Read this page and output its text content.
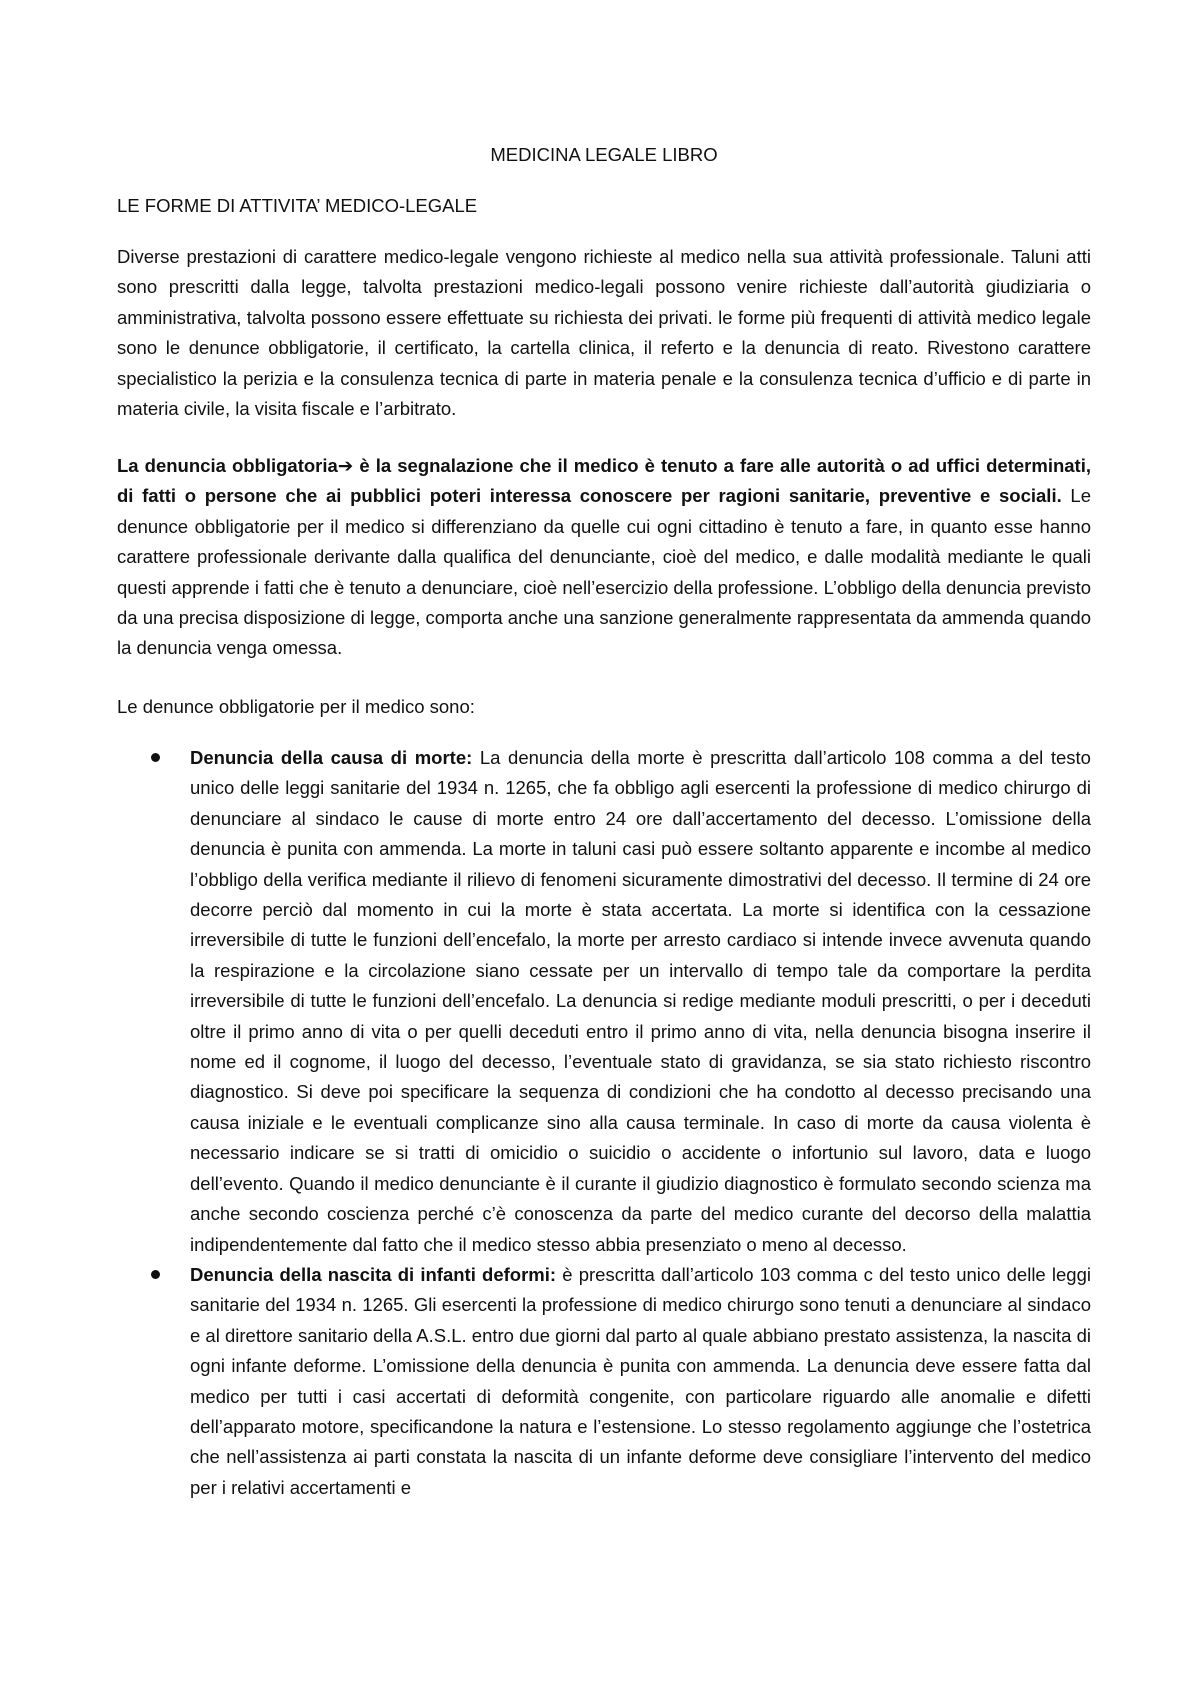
MEDICINA LEGALE LIBRO
LE FORME DI ATTIVITA’ MEDICO-LEGALE

Diverse prestazioni di carattere medico-legale vengono richieste al medico nella sua attività professionale. Taluni atti sono prescritti dalla legge, talvolta prestazioni medico-legali possono venire richieste dall’autorità giudiziaria o amministrativa, talvolta possono essere effettuate su richiesta dei privati. le forme più frequenti di attività medico legale sono le denunce obbligatorie, il certificato, la cartella clinica, il referto e la denuncia di reato. Rivestono carattere specialistico la perizia e la consulenza tecnica di parte in materia penale e la consulenza tecnica d’ufficio e di parte in materia civile, la visita fiscale e l’arbitrato.

La denuncia obbligatoria➔ è la segnalazione che il medico è tenuto a fare alle autorità o ad uffici determinati, di fatti o persone che ai pubblici poteri interessa conoscere per ragioni sanitarie, preventive e sociali. Le denunce obbligatorie per il medico si differenziano da quelle cui ogni cittadino è tenuto a fare, in quanto esse hanno carattere professionale derivante dalla qualifica del denunciante, cioè del medico, e dalle modalità mediante le quali questi apprende i fatti che è tenuto a denunciare, cioè nell’esercizio della professione. L’obbligo della denuncia previsto da una precisa disposizione di legge, comporta anche una sanzione generalmente rappresentata da ammenda quando la denuncia venga omessa.

Le denunce obbligatorie per il medico sono:

Denuncia della causa di morte: La denuncia della morte è prescritta dall’articolo 108 comma a del testo unico delle leggi sanitarie del 1934 n. 1265, che fa obbligo agli esercenti la professione di medico chirurgo di denunciare al sindaco le cause di morte entro 24 ore dall’accertamento del decesso. L’omissione della denuncia è punita con ammenda. La morte in taluni casi può essere soltanto apparente e incombe al medico l’obbligo della verifica mediante il rilievo di fenomeni sicuramente dimostrativi del decesso. Il termine di 24 ore decorre perciò dal momento in cui la morte è stata accertata. La morte si identifica con la cessazione irreversibile di tutte le funzioni dell’encefalo, la morte per arresto cardiaco si intende invece avvenuta quando la respirazione e la circolazione siano cessate per un intervallo di tempo tale da comportare la perdita irreversibile di tutte le funzioni dell’encefalo. La denuncia si redige mediante moduli prescritti, o per i deceduti oltre il primo anno di vita o per quelli deceduti entro il primo anno di vita, nella denuncia bisogna inserire il nome ed il cognome, il luogo del decesso, l’eventuale stato di gravidanza, se sia stato richiesto riscontro diagnostico. Si deve poi specificare la sequenza di condizioni che ha condotto al decesso precisando una causa iniziale e le eventuali complicanze sino alla causa terminale. In caso di morte da causa violenta è necessario indicare se si tratti di omicidio o suicidio o accidente o infortunio sul lavoro, data e luogo dell’evento. Quando il medico denunciante è il curante il giudizio diagnostico è formulato secondo scienza ma anche secondo coscienza perché c’è conoscenza da parte del medico curante del decorso della malattia indipendentemente dal fatto che il medico stesso abbia presenziato o meno al decesso.
Denuncia della nascita di infanti deformi: è prescritta dall’articolo 103 comma c del testo unico delle leggi sanitarie del 1934 n. 1265. Gli esercenti la professione di medico chirurgo sono tenuti a denunciare al sindaco e al direttore sanitario della A.S.L. entro due giorni dal parto al quale abbiano prestato assistenza, la nascita di ogni infante deforme. L’omissione della denuncia è punita con ammenda. La denuncia deve essere fatta dal medico per tutti i casi accertati di deformità congenite, con particolare riguardo alle anomalie e difetti dell’apparato motore, specificandone la natura e l’estensione. Lo stesso regolamento aggiunge che l’ostetrica che nell’assistenza ai parti constata la nascita di un infante deforme deve consigliare l’intervento del medico per i relativi accertamenti e
